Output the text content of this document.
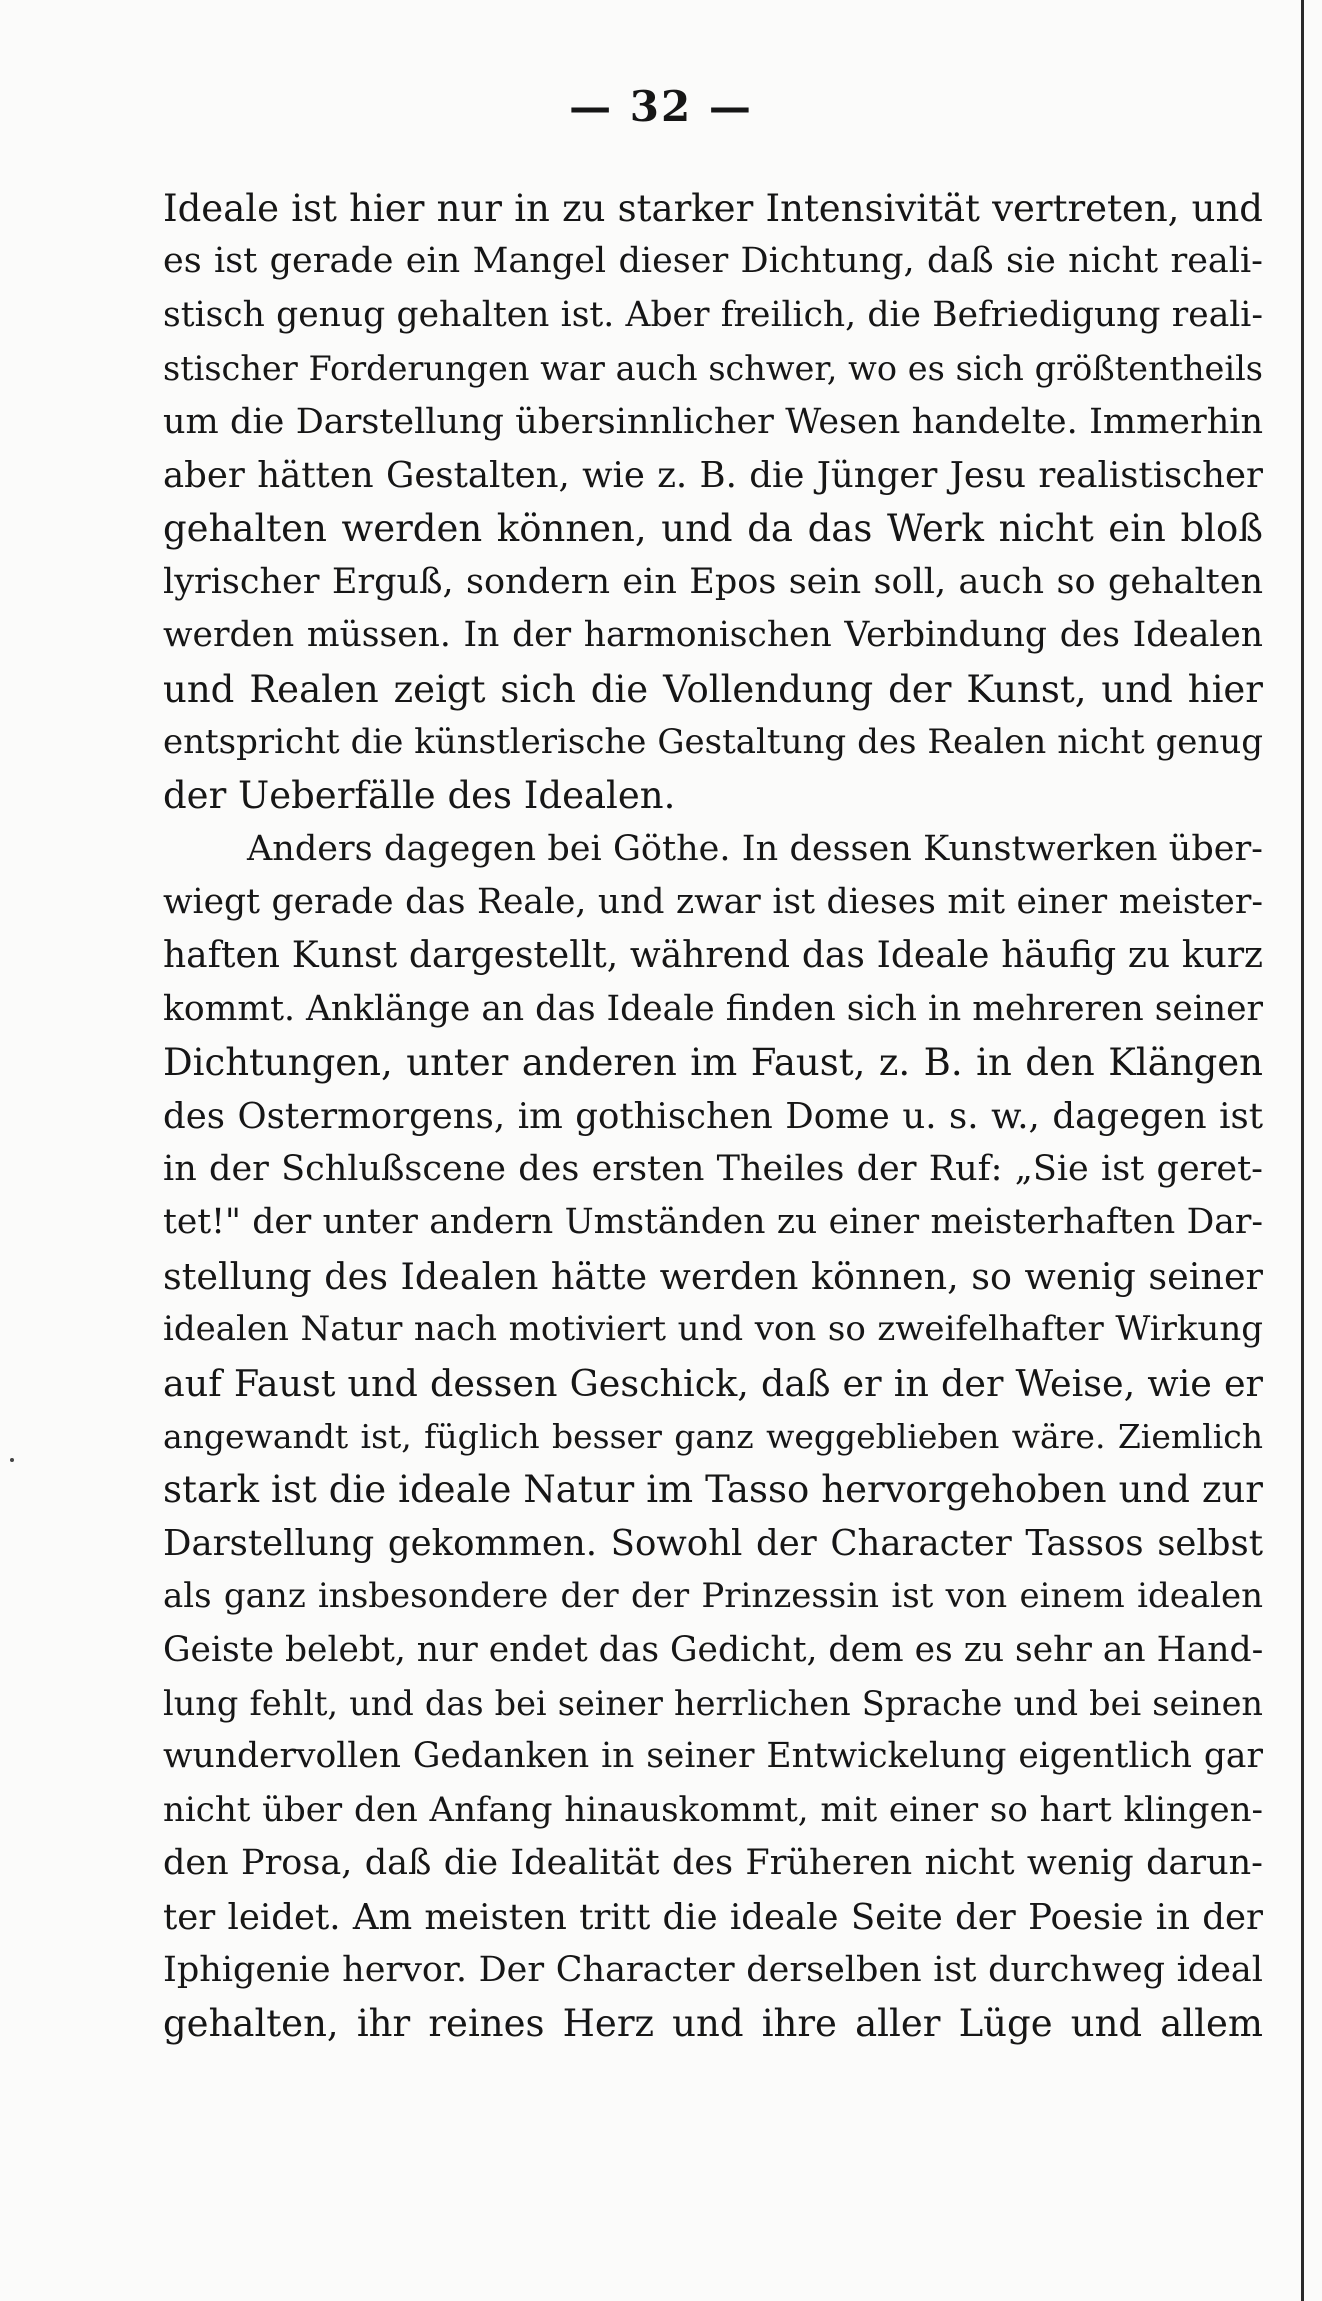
— 32 —
Ideale ist hier nur in zu starker Intensivität vertreten, und
es ist gerade ein Mangel dieser Dichtung, daß sie nicht reali-
stisch genug gehalten ist. Aber freilich, die Befriedigung reali-
stischer Forderungen war auch schwer, wo es sich größtentheils
um die Darstellung übersinnlicher Wesen handelte. Immerhin
aber hätten Gestalten, wie z. B. die Jünger Jesu realistischer
gehalten werden können, und da das Werk nicht ein bloß
lyrischer Erguß, sondern ein Epos sein soll, auch so gehalten
werden müssen. In der harmonischen Verbindung des Idealen
und Realen zeigt sich die Vollendung der Kunst, und hier
entspricht die künstlerische Gestaltung des Realen nicht genug
der Ueberfälle des Idealen.
Anders dagegen bei Göthe. In dessen Kunstwerken über-
wiegt gerade das Reale, und zwar ist dieses mit einer meister-
haften Kunst dargestellt, während das Ideale häufig zu kurz
kommt. Anklänge an das Ideale finden sich in mehreren seiner
Dichtungen, unter anderen im Faust, z. B. in den Klängen
des Ostermorgens, im gothischen Dome u. s. w., dagegen ist
in der Schlußscene des ersten Theiles der Ruf: „Sie ist geret-
tet!" der unter andern Umständen zu einer meisterhaften Dar-
stellung des Idealen hätte werden können, so wenig seiner
idealen Natur nach motiviert und von so zweifelhafter Wirkung
auf Faust und dessen Geschick, daß er in der Weise, wie er
angewandt ist, füglich besser ganz weggeblieben wäre. Ziemlich
stark ist die ideale Natur im Tasso hervorgehoben und zur
Darstellung gekommen. Sowohl der Character Tassos selbst
als ganz insbesondere der der Prinzessin ist von einem idealen
Geiste belebt, nur endet das Gedicht, dem es zu sehr an Hand-
lung fehlt, und das bei seiner herrlichen Sprache und bei seinen
wundervollen Gedanken in seiner Entwickelung eigentlich gar
nicht über den Anfang hinauskommt, mit einer so hart klingen-
den Prosa, daß die Idealität des Früheren nicht wenig darun-
ter leidet. Am meisten tritt die ideale Seite der Poesie in der
Iphigenie hervor. Der Character derselben ist durchweg ideal
gehalten, ihr reines Herz und ihre aller Lüge und allem
